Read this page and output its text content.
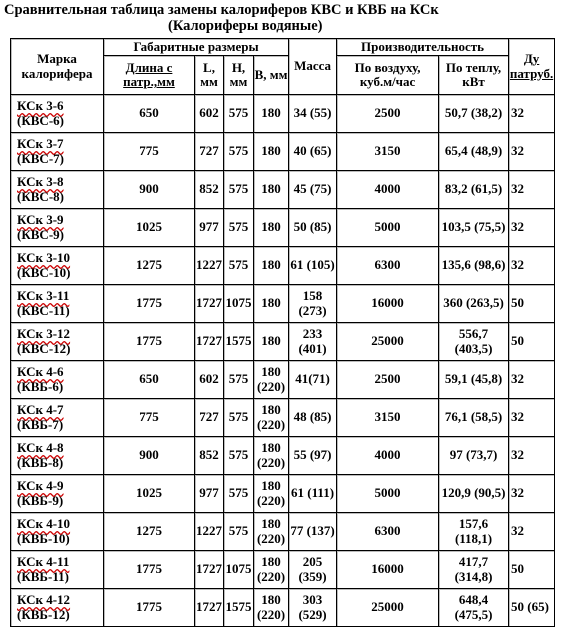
Сравнительная таблица замены калориферов КВС и КВБ на КСк
(Калориферы водяные)
Марка калорифера	Габаритные размеры				Масса	Производительность		Ду патруб.
	Длина с патр.,мм	L, мм	H, мм	B, мм		По воздуху, куб.м/час	По теплу, кВт	
КСк 3-6
(КВС-6)	650	602	575	180	34 (55)	2500	50,7 (38,2)	32
КСк 3-7
(КВС-7)	775	727	575	180	40 (65)	3150	65,4 (48,9)	32
КСк 3-8
(КВС-8)	900	852	575	180	45 (75)	4000	83,2 (61,5)	32
КСк 3-9
(КВС-9)	1025	977	575	180	50 (85)	5000	103,5 (75,5)	32
КСк 3-10
(КВС-10)	1275	1227	575	180	61 (105)	6300	135,6 (98,6)	32
КСк 3-11
(КВС-11)	1775	1727	1075	180	158 (273)	16000	360 (263,5)	50
КСк 3-12
(КВС-12)	1775	1727	1575	180	233 (401)	25000	556,7 (403,5)	50
КСк 4-6
(КВБ-6)	650	602	575	180 (220)	41(71)	2500	59,1 (45,8)	32
КСк 4-7
(КВБ-7)	775	727	575	180 (220)	48 (85)	3150	76,1 (58,5)	32
КСк 4-8
(КВБ-8)	900	852	575	180 (220)	55 (97)	4000	97 (73,7)	32
КСк 4-9
(КВБ-9)	1025	977	575	180 (220)	61 (111)	5000	120,9 (90,5)	32
КСк 4-10
(КВБ-10)	1275	1227	575	180 (220)	77 (137)	6300	157,6 (118,1)	32
КСк 4-11
(КВБ-11)	1775	1727	1075	180 (220)	205 (359)	16000	417,7 (314,8)	50
КСк 4-12
(КВБ-12)	1775	1727	1575	180 (220)	303 (529)	25000	648,4 (475,5)	50 (65)
